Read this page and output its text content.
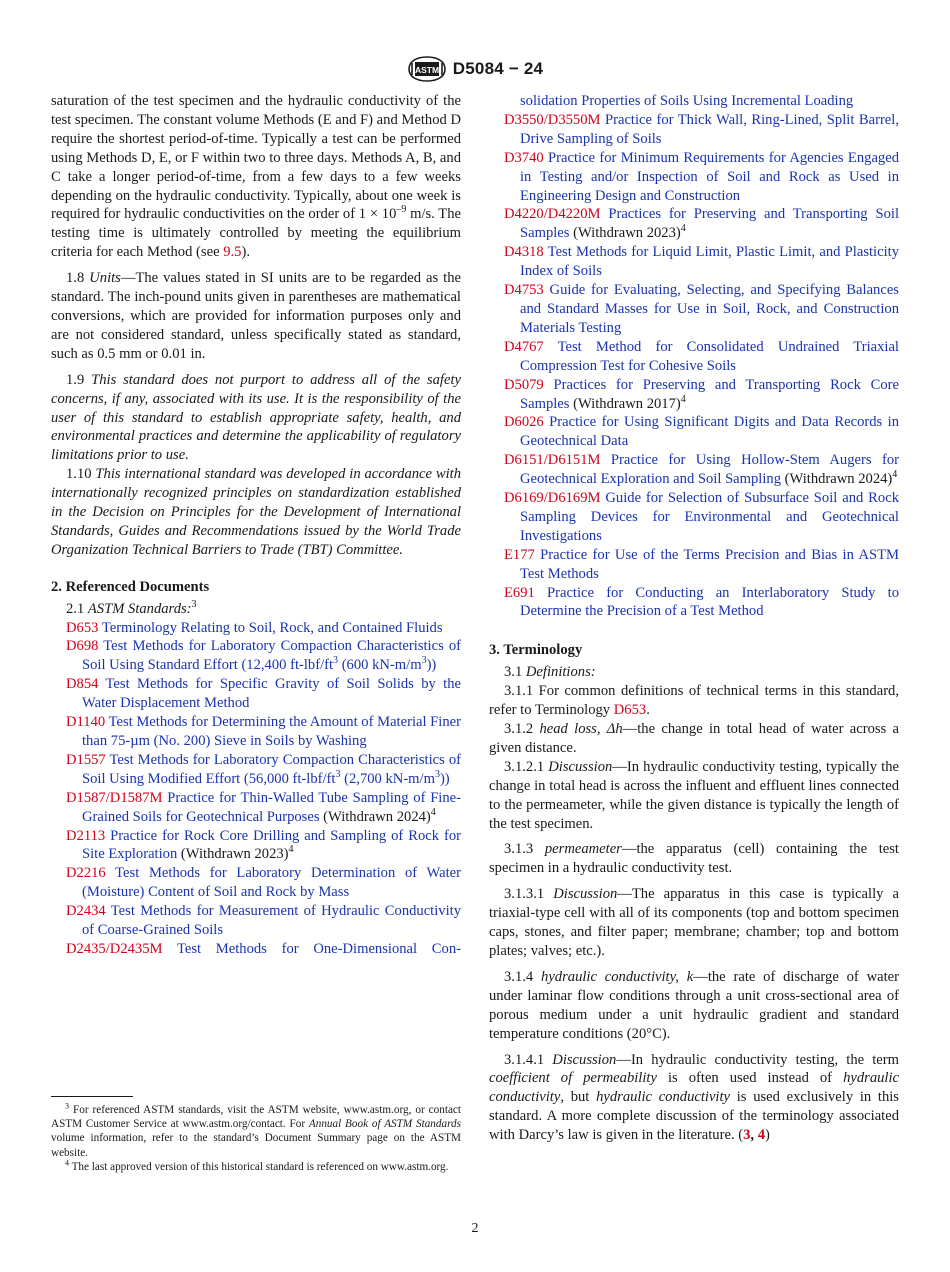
ASTM D5084 − 24

saturation of the test specimen and the hydraulic conductivity of the test specimen. The constant volume Methods (E and F) and Method D require the shortest period-of-time. Typically a test can be performed using Methods D, E, or F within two to three days. Methods A, B, and C take a longer period-of-time, from a few days to a few weeks depending on the hydraulic conductivity. Typically, about one week is required for hydraulic conductivities on the order of $1 \times 10^{-9}$ m/s. The testing time is ultimately controlled by meeting the equilibrium criteria for each Method (see 9.5).

1.8 Units—The values stated in SI units are to be regarded as the standard. The inch-pound units given in parentheses are mathematical conversions, which are provided for information purposes only and are not considered standard, unless specifically stated as standard, such as 0.5 mm or 0.01 in.

1.9 This standard does not purport to address all of the safety concerns, if any, associated with its use. It is the responsibility of the user of this standard to establish appropriate safety, health, and environmental practices and determine the applicability of regulatory limitations prior to use.

1.10 This international standard was developed in accordance with internationally recognized principles on standardization established in the Decision on Principles for the Development of International Standards, Guides and Recommendations issued by the World Trade Organization Technical Barriers to Trade (TBT) Committee.

2. Referenced Documents

2.1 ASTM Standards:$^3$

D653 Terminology Relating to Soil, Rock, and Contained Fluids

D698 Test Methods for Laboratory Compaction Characteristics of Soil Using Standard Effort (12,400 ft-lbf/ft$^3$ (600 kN-m/m$^3$))

D854 Test Methods for Specific Gravity of Soil Solids by the Water Displacement Method

D1140 Test Methods for Determining the Amount of Material Finer than 75-µm (No. 200) Sieve in Soils by Washing

D1557 Test Methods for Laboratory Compaction Characteristics of Soil Using Modified Effort (56,000 ft-lbf/ft$^3$ (2,700 kN-m/m$^3$))

D1587/D1587M Practice for Thin-Walled Tube Sampling of Fine-Grained Soils for Geotechnical Purposes (Withdrawn 2024)$^4$

D2113 Practice for Rock Core Drilling and Sampling of Rock for Site Exploration (Withdrawn 2023)$^4$

D2216 Test Methods for Laboratory Determination of Water (Moisture) Content of Soil and Rock by Mass

D2434 Test Methods for Measurement of Hydraulic Conductivity of Coarse-Grained Soils

D2435/D2435M Test Methods for One-Dimensional Con-

solidation Properties of Soils Using Incremental Loading

D3550/D3550M Practice for Thick Wall, Ring-Lined, Split Barrel, Drive Sampling of Soils

D3740 Practice for Minimum Requirements for Agencies Engaged in Testing and/or Inspection of Soil and Rock as Used in Engineering Design and Construction

D4220/D4220M Practices for Preserving and Transporting Soil Samples (Withdrawn 2023)$^4$

D4318 Test Methods for Liquid Limit, Plastic Limit, and Plasticity Index of Soils

D4753 Guide for Evaluating, Selecting, and Specifying Balances and Standard Masses for Use in Soil, Rock, and Construction Materials Testing

D4767 Test Method for Consolidated Undrained Triaxial Compression Test for Cohesive Soils

D5079 Practices for Preserving and Transporting Rock Core Samples (Withdrawn 2017)$^4$

D6026 Practice for Using Significant Digits and Data Records in Geotechnical Data

D6151/D6151M Practice for Using Hollow-Stem Augers for Geotechnical Exploration and Soil Sampling (Withdrawn 2024)$^4$

D6169/D6169M Guide for Selection of Subsurface Soil and Rock Sampling Devices for Environmental and Geotechnical Investigations

E177 Practice for Use of the Terms Precision and Bias in ASTM Test Methods

E691 Practice for Conducting an Interlaboratory Study to Determine the Precision of a Test Method

3. Terminology

3.1 Definitions:

3.1.1 For common definitions of technical terms in this standard, refer to Terminology D653.

3.1.2 head loss, Δh—the change in total head of water across a given distance.

3.1.2.1 Discussion—In hydraulic conductivity testing, typically the change in total head is across the influent and effluent lines connected to the permeameter, while the given distance is typically the length of the test specimen.

3.1.3 permeameter—the apparatus (cell) containing the test specimen in a hydraulic conductivity test.

3.1.3.1 Discussion—The apparatus in this case is typically a triaxial-type cell with all of its components (top and bottom specimen caps, stones, and filter paper; membrane; chamber; top and bottom plates; valves; etc.).

3.1.4 hydraulic conductivity, k—the rate of discharge of water under laminar flow conditions through a unit cross-sectional area of porous medium under a unit hydraulic gradient and standard temperature conditions (20°C).

3.1.4.1 Discussion—In hydraulic conductivity testing, the term coefficient of permeability is often used instead of hydraulic conductivity, but hydraulic conductivity is used exclusively in this standard. A more complete discussion of the terminology associated with Darcy’s law is given in the literature. (3, 4)

$^3$ For referenced ASTM standards, visit the ASTM website, www.astm.org, or contact ASTM Customer Service at www.astm.org/contact. For Annual Book of ASTM Standards volume information, refer to the standard’s Document Summary page on the ASTM website.

$^4$ The last approved version of this historical standard is referenced on www.astm.org.

2
